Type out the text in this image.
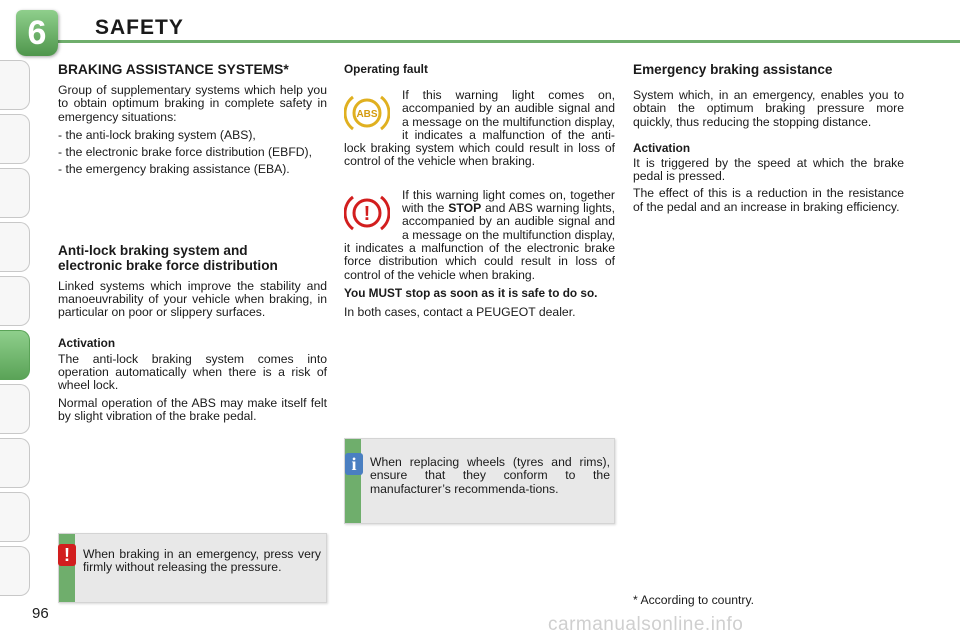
6	SAFETY
BRAKING ASSISTANCE SYSTEMS*
Group of supplementary systems which help you to obtain optimum braking in complete safety in emergency situations:
- the anti-lock braking system (ABS),
- the electronic brake force distribution (EBFD),
- the emergency braking assistance (EBA).
Anti-lock braking system and electronic brake force distribution
Linked systems which improve the stability and manoeuvrability of your vehicle when braking, in particular on poor or slippery surfaces.
Activation
The anti-lock braking system comes into operation automatically when there is a risk of wheel lock.
Normal operation of the ABS may make itself felt by slight vibration of the brake pedal.
!	When braking in an emergency, press very firmly without releasing the pressure.
Operating fault
ABS
If this warning light comes on, accompanied by an audible signal and a message on the multifunction display, it indicates a malfunction of the anti-lock braking system which could result in loss of control of the vehicle when braking.
!
If this warning light comes on, together with the STOP and ABS warning lights, accompanied by an audible signal and a message on the multifunction display, it indicates a malfunction of the electronic brake force distribution which could result in loss of control of the vehicle when braking.
You MUST stop as soon as it is safe to do so.
In both cases, contact a PEUGEOT dealer.
i	When replacing wheels (tyres and rims), ensure that they conform to the manufacturer’s recommenda-tions.
Emergency braking assistance
System which, in an emergency, enables you to obtain the optimum braking pressure more quickly, thus reducing the stopping distance.
Activation
It is triggered by the speed at which the brake pedal is pressed.
The effect of this is a reduction in the resistance of the pedal and an increase in braking efficiency.
* According to country.
96
carmanualsonline.info
